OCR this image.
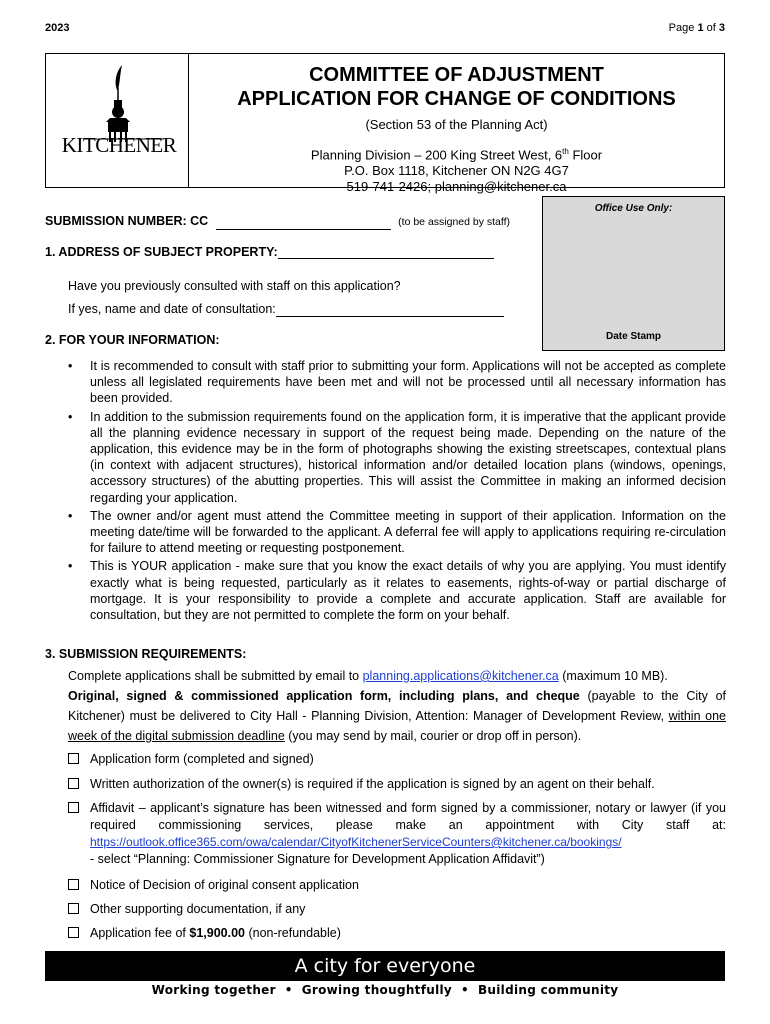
2023	Page 1 of 3
KITCHENER
COMMITTEE OF ADJUSTMENT
APPLICATION FOR CHANGE OF CONDITIONS
(Section 53 of the Planning Act)
Planning Division – 200 King Street West, 6th Floor
P.O. Box 1118, Kitchener ON N2G 4G7
519-741-2426; planning@kitchener.ca
Office Use Only:
Date Stamp
SUBMISSION NUMBER: CC	(to be assigned by staff)
1. ADDRESS OF SUBJECT PROPERTY:
Have you previously consulted with staff on this application?
If yes, name and date of consultation:
2. FOR YOUR INFORMATION:
• It is recommended to consult with staff prior to submitting your form. Applications will not be accepted as complete unless all legislated requirements have been met and will not be processed until all necessary information has been provided.
• In addition to the submission requirements found on the application form, it is imperative that the applicant provide all the planning evidence necessary in support of the request being made. Depending on the nature of the application, this evidence may be in the form of photographs showing the existing streetscapes, contextual plans (in context with adjacent structures), historical information and/or detailed location plans (windows, openings, accessory structures) of the abutting properties. This will assist the Committee in making an informed decision regarding your application.
• The owner and/or agent must attend the Committee meeting in support of their application. Information on the meeting date/time will be forwarded to the applicant. A deferral fee will apply to applications requiring re-circulation for failure to attend meeting or requesting postponement.
• This is YOUR application - make sure that you know the exact details of why you are applying. You must identify exactly what is being requested, particularly as it relates to easements, rights-of-way or partial discharge of mortgage. It is your responsibility to provide a complete and accurate application. Staff are available for consultation, but they are not permitted to complete the form on your behalf.
3. SUBMISSION REQUIREMENTS:
Complete applications shall be submitted by email to planning.applications@kitchener.ca (maximum 10 MB).
Original, signed & commissioned application form, including plans, and cheque (payable to the City of Kitchener) must be delivered to City Hall - Planning Division, Attention: Manager of Development Review, within one week of the digital submission deadline (you may send by mail, courier or drop off in person).
Application form (completed and signed)
Written authorization of the owner(s) is required if the application is signed by an agent on their behalf.
Affidavit – applicant’s signature has been witnessed and form signed by a commissioner, notary or lawyer (if you required commissioning services, please make an appointment with City staff at: https://outlook.office365.com/owa/calendar/CityofKitchenerServiceCounters@kitchener.ca/bookings/
- select “Planning: Commissioner Signature for Development Application Affidavit”)
Notice of Decision of original consent application
Other supporting documentation, if any
Application fee of $1,900.00 (non-refundable)
A city for everyone
Working together • Growing thoughtfully • Building community
